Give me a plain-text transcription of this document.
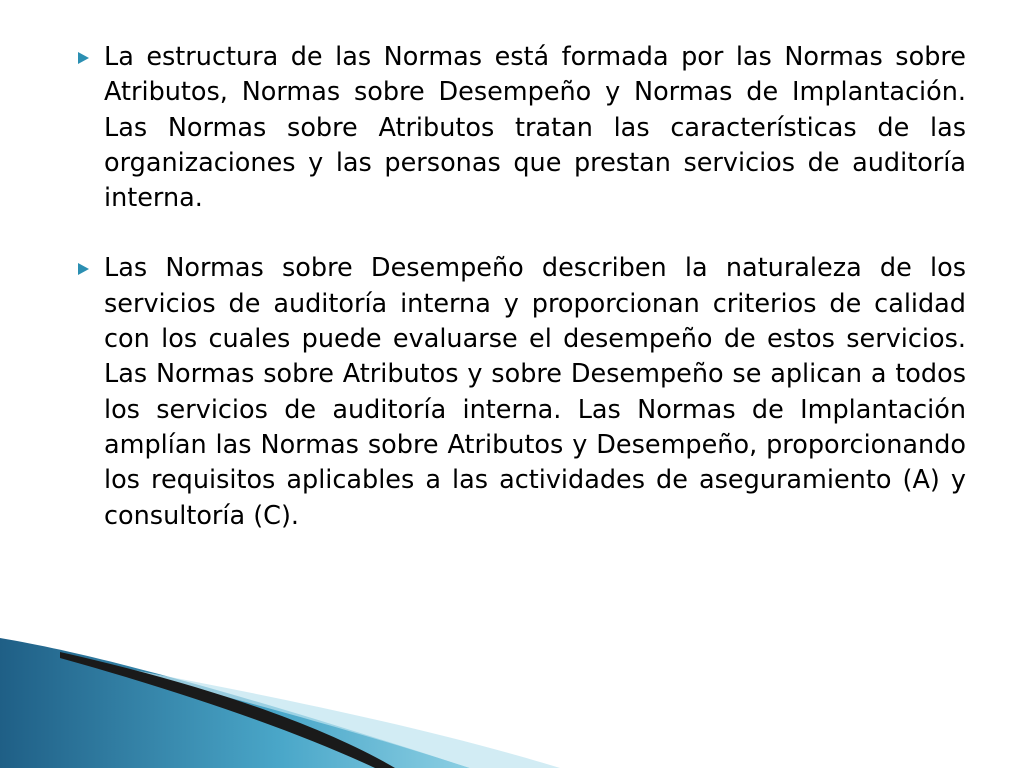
La estructura de las Normas está formada por las Normas sobre Atributos, Normas sobre Desempeño y Normas de Implantación. Las Normas sobre Atributos tratan las características de las organizaciones y las personas que prestan servicios de auditoría interna.
Las Normas sobre Desempeño describen la naturaleza de los servicios de auditoría interna y proporcionan criterios de calidad con los cuales puede evaluarse el desempeño de estos servicios. Las Normas sobre Atributos y sobre Desempeño se aplican a todos los servicios de auditoría interna. Las Normas de Implantación amplían las Normas sobre Atributos y Desempeño, proporcionando los requisitos aplicables a las actividades de aseguramiento (A) y consultoría (C).
